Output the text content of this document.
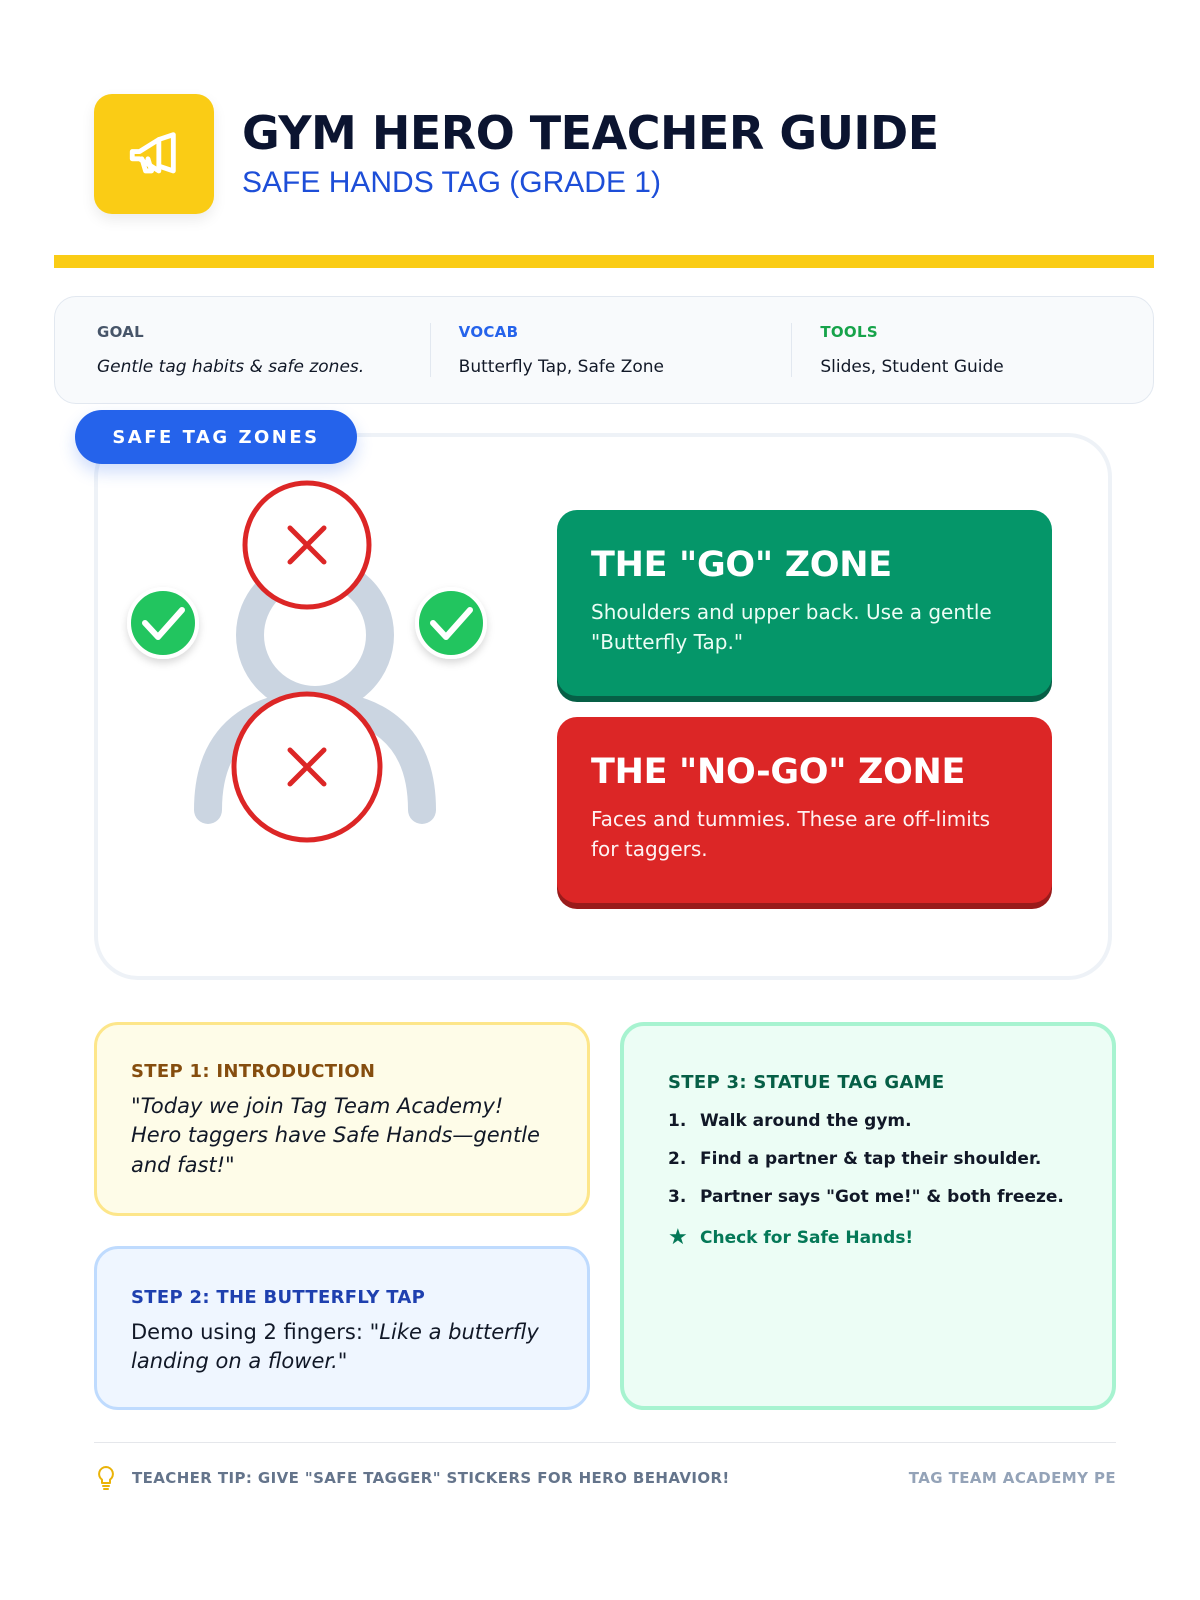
GYM HERO TEACHER GUIDE
SAFE HANDS TAG (GRADE 1)
GOAL
Gentle tag habits & safe zones.
VOCAB
Butterfly Tap, Safe Zone
TOOLS
Slides, Student Guide
SAFE TAG ZONES
THE "GO" ZONE
Shoulders and upper back. Use a gentle "Butterfly Tap."
THE "NO-GO" ZONE
Faces and tummies. These are off-limits for taggers.
STEP 1: INTRODUCTION
"Today we join Tag Team Academy! Hero taggers have Safe Hands—gentle and fast!"
STEP 2: THE BUTTERFLY TAP
Demo using 2 fingers: "Like a butterfly landing on a flower."
STEP 3: STATUE TAG GAME
1. Walk around the gym.
2. Find a partner & tap their shoulder.
3. Partner says "Got me!" & both freeze.
★ Check for Safe Hands!
TEACHER TIP: GIVE "SAFE TAGGER" STICKERS FOR HERO BEHAVIOR!	TAG TEAM ACADEMY PE
